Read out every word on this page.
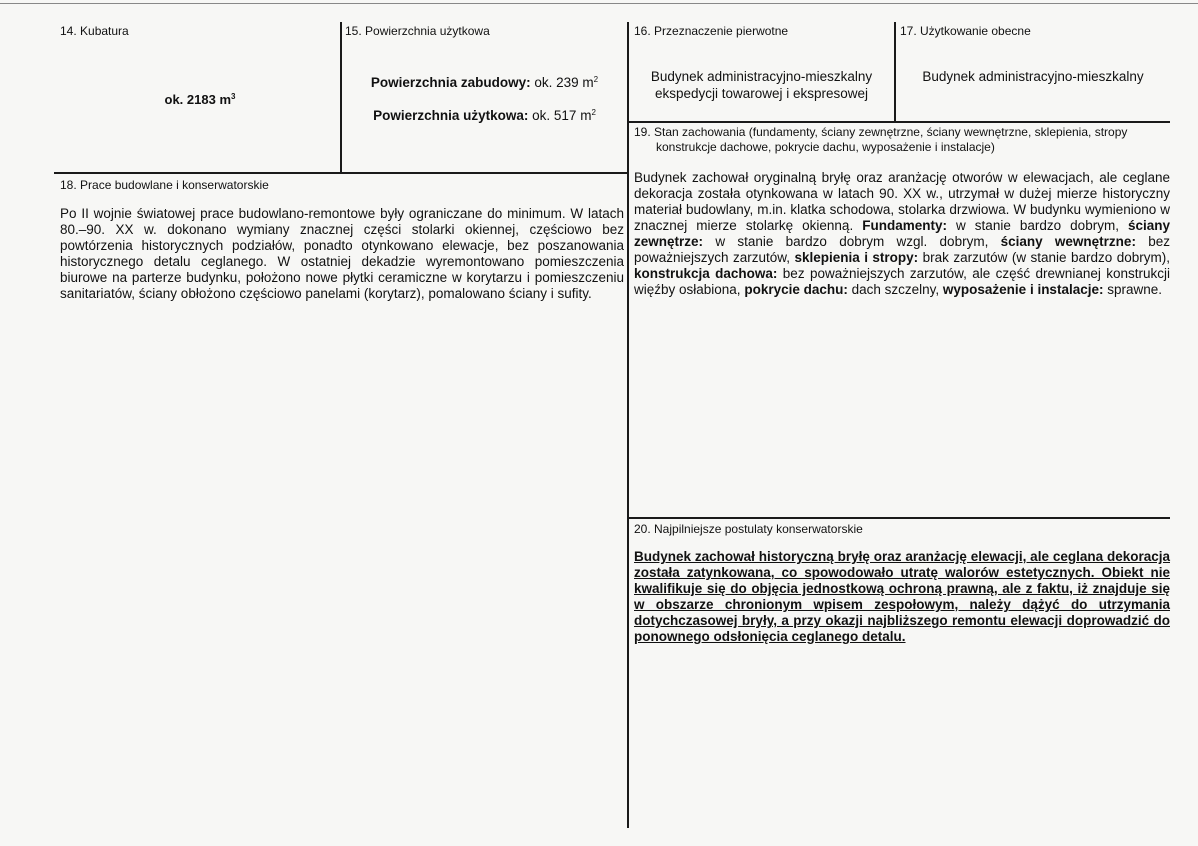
14. Kubatura
ok. 2183 $m^3$
15. Powierzchnia użytkowa
Powierzchnia zabudowy: ok. 239 $m^2$
Powierzchnia użytkowa: ok. 517 $m^2$
16. Przeznaczenie pierwotne
Budynek administracyjno-mieszkalny
ekspedycji towarowej i ekspresowej
17. Użytkowanie obecne
Budynek administracyjno-mieszkalny
19. Stan zachowania (fundamenty, ściany zewnętrzne, ściany wewnętrzne, sklepienia, stropy
konstrukcje dachowe, pokrycie dachu, wyposażenie i instalacje)
Budynek zachował oryginalną bryłę oraz aranżację otworów w elewacjach, ale ceglane dekoracja została otynkowana w latach 90. XX w., utrzymał w dużej mierze historyczny materiał budowlany, m.in. klatka schodowa, stolarka drzwiowa. W budynku wymieniono w znacznej mierze stolarkę okienną. Fundamenty: w stanie bardzo dobrym, ściany zewnętrze: w stanie bardzo dobrym wzgl. dobrym, ściany wewnętrzne: bez poważniejszych zarzutów, sklepienia i stropy: brak zarzutów (w stanie bardzo dobrym), konstrukcja dachowa: bez poważniejszych zarzutów, ale część drewnianej konstrukcji więźby osłabiona, pokrycie dachu: dach szczelny, wyposażenie i instalacje: sprawne.
18. Prace budowlane i konserwatorskie
Po II wojnie światowej prace budowlano-remontowe były ograniczane do minimum. W latach 80.–90. XX w. dokonano wymiany znacznej części stolarki okiennej, częściowo bez powtórzenia historycznych podziałów, ponadto otynkowano elewacje, bez poszanowania historycznego detalu ceglanego. W ostatniej dekadzie wyremontowano pomieszczenia biurowe na parterze budynku, położono nowe płytki ceramiczne w korytarzu i pomieszczeniu sanitariatów, ściany obłożono częściowo panelami (korytarz), pomalowano ściany i sufity.
20. Najpilniejsze postulaty konserwatorskie
Budynek zachował historyczną bryłę oraz aranżację elewacji, ale ceglana dekoracja została zatynkowana, co spowodowało utratę walorów estetycznych. Obiekt nie kwalifikuje się do objęcia jednostkową ochroną prawną, ale z faktu, iż znajduje się w obszarze chronionym wpisem zespołowym, należy dążyć do utrzymania dotychczasowej bryły, a przy okazji najbliższego remontu elewacji doprowadzić do ponownego odsłonięcia ceglanego detalu.
